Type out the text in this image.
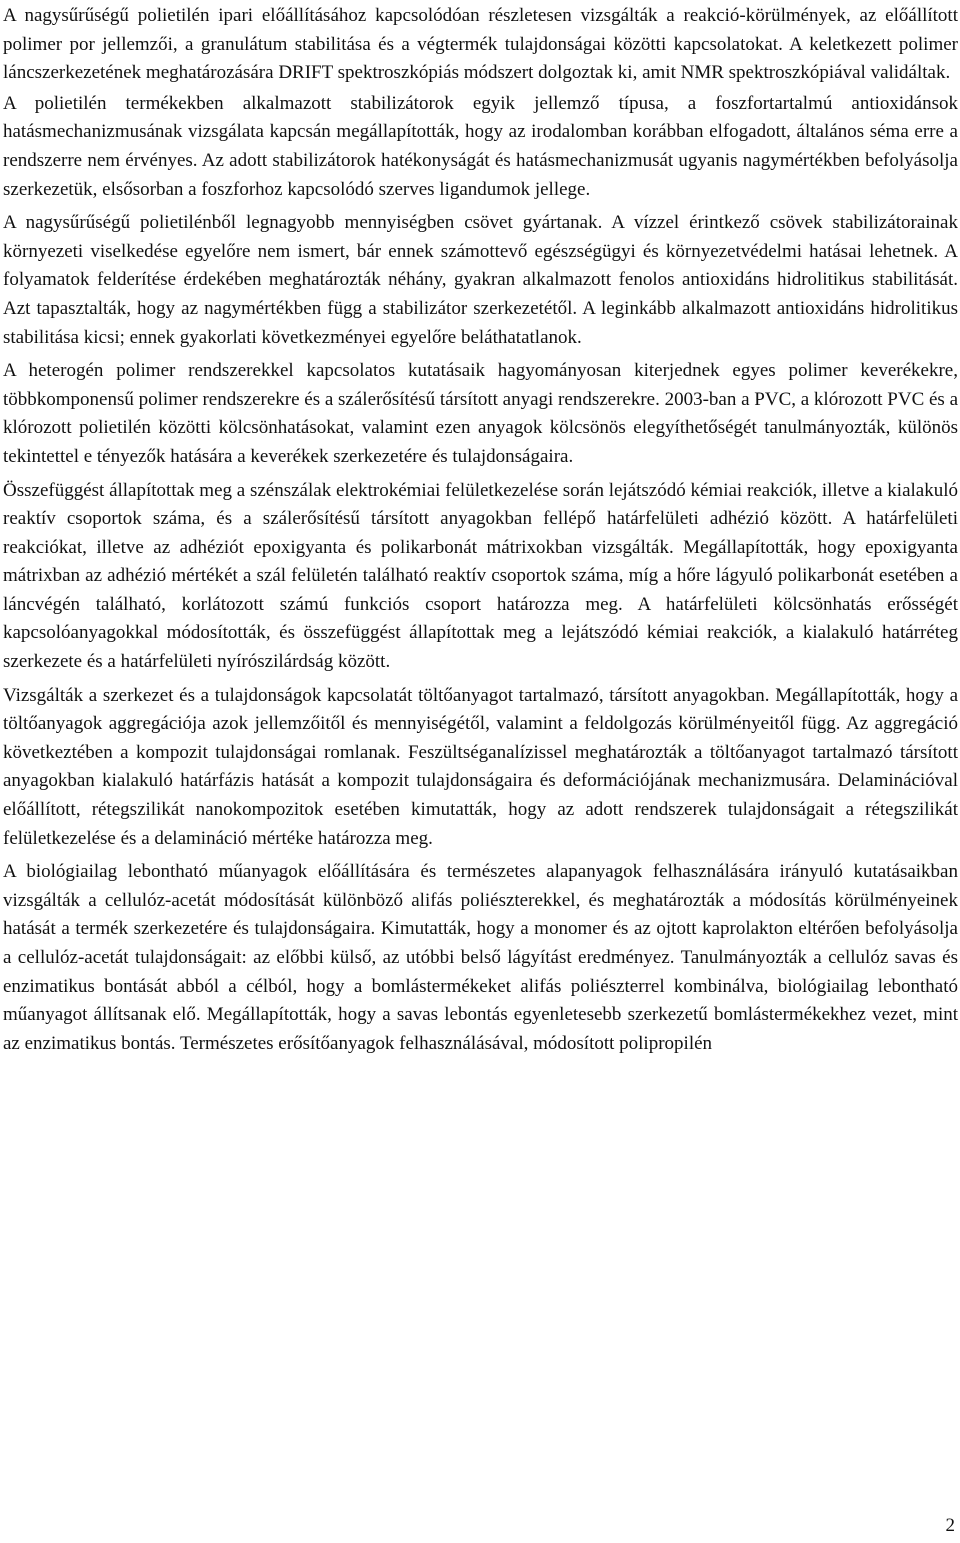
A nagysűrűségű polietilén ipari előállításához kapcsolódóan részletesen vizsgálták a reakció-körülmények, az előállított polimer por jellemzői, a granulátum stabilitása és a végtermék tulajdonságai közötti kapcsolatokat. A keletkezett polimer láncszerkezetének meghatározására DRIFT spektroszkópiás módszert dolgoztak ki, amit NMR spektroszkópiával validáltak.

A polietilén termékekben alkalmazott stabilizátorok egyik jellemző típusa, a foszfortartalmú antioxidánsok hatásmechanizmusának vizsgálata kapcsán megállapították, hogy az irodalomban korábban elfogadott, általános séma erre a rendszerre nem érvényes. Az adott stabilizátorok hatékonyságát és hatásmechanizmusát ugyanis nagymértékben befolyásolja szerkezetük, elsősorban a foszforhoz kapcsolódó szerves ligandumok jellege.

A nagysűrűségű polietilénből legnagyobb mennyiségben csövet gyártanak. A vízzel érintkező csövek stabilizátorainak környezeti viselkedése egyelőre nem ismert, bár ennek számottevő egészségügyi és környezetvédelmi hatásai lehetnek. A folyamatok felderítése érdekében meghatározták néhány, gyakran alkalmazott fenolos antioxidáns hidrolitikus stabilitását. Azt tapasztalták, hogy az nagymértékben függ a stabilizátor szerkezetétől. A leginkább alkalmazott antioxidáns hidrolitikus stabilitása kicsi; ennek gyakorlati következményei egyelőre beláthatatlanok.

A heterogén polimer rendszerekkel kapcsolatos kutatásaik hagyományosan kiterjednek egyes polimer keverékekre, többkomponensű polimer rendszerekre és a szálerősítésű társított anyagi rendszerekre. 2003-ban a PVC, a klórozott PVC és a klórozott polietilén közötti kölcsönhatásokat, valamint ezen anyagok kölcsönös elegyíthetőségét tanulmányozták, különös tekintettel e tényezők hatására a keverékek szerkezetére és tulajdonságaira.

Összefüggést állapítottak meg a szénszálak elektrokémiai felületkezelése során lejátszódó kémiai reakciók, illetve a kialakuló reaktív csoportok száma, és a szálerősítésű társított anyagokban fellépő határfelületi adhézió között. A határfelületi reakciókat, illetve az adhéziót epoxigyanta és polikarbonát mátrixokban vizsgálták. Megállapították, hogy epoxigyanta mátrixban az adhézió mértékét a szál felületén található reaktív csoportok száma, míg a hőre lágyuló polikarbonát esetében a láncvégén található, korlátozott számú funkciós csoport határozza meg. A határfelületi kölcsönhatás erősségét kapcsolóanyagokkal módosították, és összefüggést állapítottak meg a lejátszódó kémiai reakciók, a kialakuló határréteg szerkezete és a határfelületi nyírószilárdság között.

Vizsgálták a szerkezet és a tulajdonságok kapcsolatát töltőanyagot tartalmazó, társított anyagokban. Megállapították, hogy a töltőanyagok aggregációja azok jellemzőitől és mennyiségétől, valamint a feldolgozás körülményeitől függ. Az aggregáció következtében a kompozit tulajdonságai romlanak. Feszültséganalízissel meghatározták a töltőanyagot tartalmazó társított anyagokban kialakuló határfázis hatását a kompozit tulajdonságaira és deformációjának mechanizmusára. Delaminációval előállított, rétegszilikát nanokompozitok esetében kimutatták, hogy az adott rendszerek tulajdonságait a rétegszilikát felületkezelése és a delamináció mértéke határozza meg.

A biológiailag lebontható műanyagok előállítására és természetes alapanyagok felhasználására irányuló kutatásaikban vizsgálták a cellulóz-acetát módosítását különböző alifás poliészterekkel, és meghatározták a módosítás körülményeinek hatását a termék szerkezetére és tulajdonságaira. Kimutatták, hogy a monomer és az ojtott kaprolakton eltérően befolyásolja a cellulóz-acetát tulajdonságait: az előbbi külső, az utóbbi belső lágyítást eredményez. Tanulmányozták a cellulóz savas és enzimatikus bontását abból a célból, hogy a bomlástermékeket alifás poliészterrel kombinálva, biológiailag lebontható műanyagot állítsanak elő. Megállapították, hogy a savas lebontás egyenletesebb szerkezetű bomlástermékekhez vezet, mint az enzimatikus bontás. Természetes erősítőanyagok felhasználásával, módosított polipropilén

2
